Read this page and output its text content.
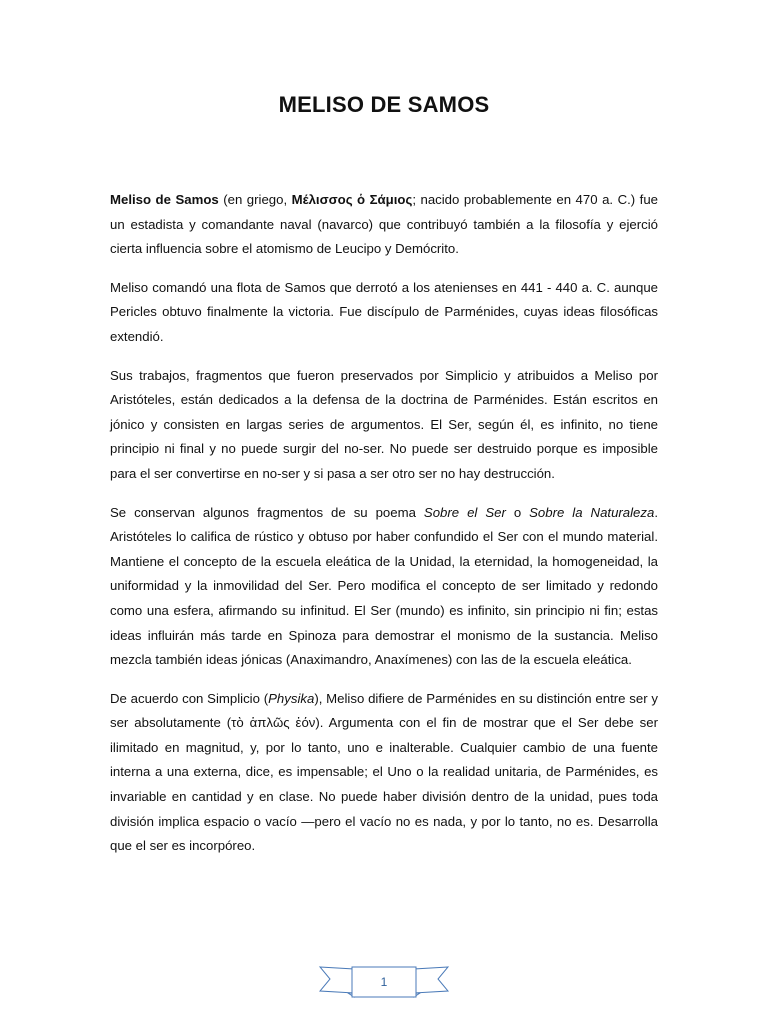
MELISO DE SAMOS

Meliso de Samos (en griego, Μέλισσος ὁ Σάμιος; nacido probablemente en 470 a. C.) fue un estadista y comandante naval (navarco) que contribuyó también a la filosofía y ejerció cierta influencia sobre el atomismo de Leucipo y Demócrito.

Meliso comandó una flota de Samos que derrotó a los atenienses en 441 - 440 a. C. aunque Pericles obtuvo finalmente la victoria. Fue discípulo de Parménides, cuyas ideas filosóficas extendió.

Sus trabajos, fragmentos que fueron preservados por Simplicio y atribuidos a Meliso por Aristóteles, están dedicados a la defensa de la doctrina de Parménides. Están escritos en jónico y consisten en largas series de argumentos. El Ser, según él, es infinito, no tiene principio ni final y no puede surgir del no-ser. No puede ser destruido porque es imposible para el ser convertirse en no-ser y si pasa a ser otro ser no hay destrucción.

Se conservan algunos fragmentos de su poema Sobre el Ser o Sobre la Naturaleza. Aristóteles lo califica de rústico y obtuso por haber confundido el Ser con el mundo material. Mantiene el concepto de la escuela eleática de la Unidad, la eternidad, la homogeneidad, la uniformidad y la inmovilidad del Ser. Pero modifica el concepto de ser limitado y redondo como una esfera, afirmando su infinitud. El Ser (mundo) es infinito, sin principio ni fin; estas ideas influirán más tarde en Spinoza para demostrar el monismo de la sustancia. Meliso mezcla también ideas jónicas (Anaximandro, Anaxímenes) con las de la escuela eleática.

De acuerdo con Simplicio (Physika), Meliso difiere de Parménides en su distinción entre ser y ser absolutamente (τὸ ἁπλῶς ἐόν). Argumenta con el fin de mostrar que el Ser debe ser ilimitado en magnitud, y, por lo tanto, uno e inalterable. Cualquier cambio de una fuente interna a una externa, dice, es impensable; el Uno o la realidad unitaria, de Parménides, es invariable en cantidad y en clase. No puede haber división dentro de la unidad, pues toda división implica espacio o vacío —pero el vacío no es nada, y por lo tanto, no es. Desarrolla que el ser es incorpóreo.

1
